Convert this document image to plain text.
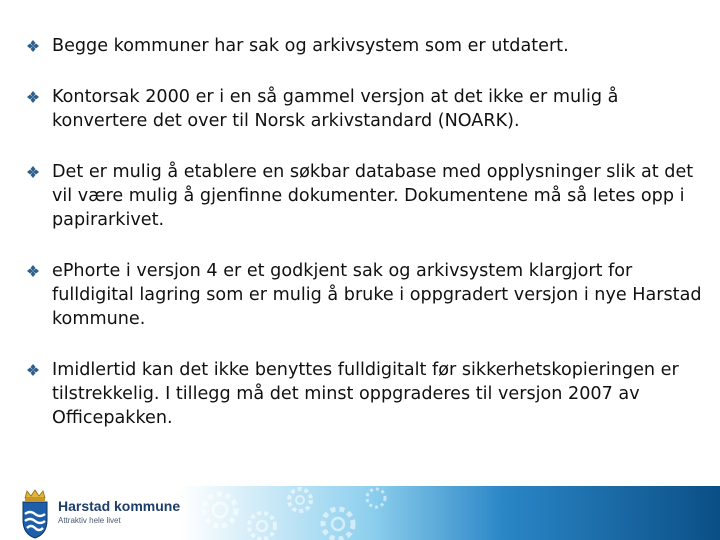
Begge kommuner har sak og arkivsystem som er utdatert.
Kontorsak 2000 er i en så gammel versjon at det ikke er mulig å konvertere det over til Norsk arkivstandard (NOARK).
Det er mulig å etablere en søkbar database med opplysninger slik at det vil være mulig å gjenfinne dokumenter. Dokumentene må så letes opp i papirarkivet.
ePhorte i versjon 4 er et godkjent sak og arkivsystem klargjort for fulldigital lagring som er mulig å bruke i oppgradert versjon i nye Harstad kommune.
Imidlertid kan det ikke benyttes fulldigitalt før sikkerhetskopieringen er tilstrekkelig. I tillegg må det minst oppgraderes til versjon 2007 av Officepakken.
Harstad kommune
Attraktiv hele livet
